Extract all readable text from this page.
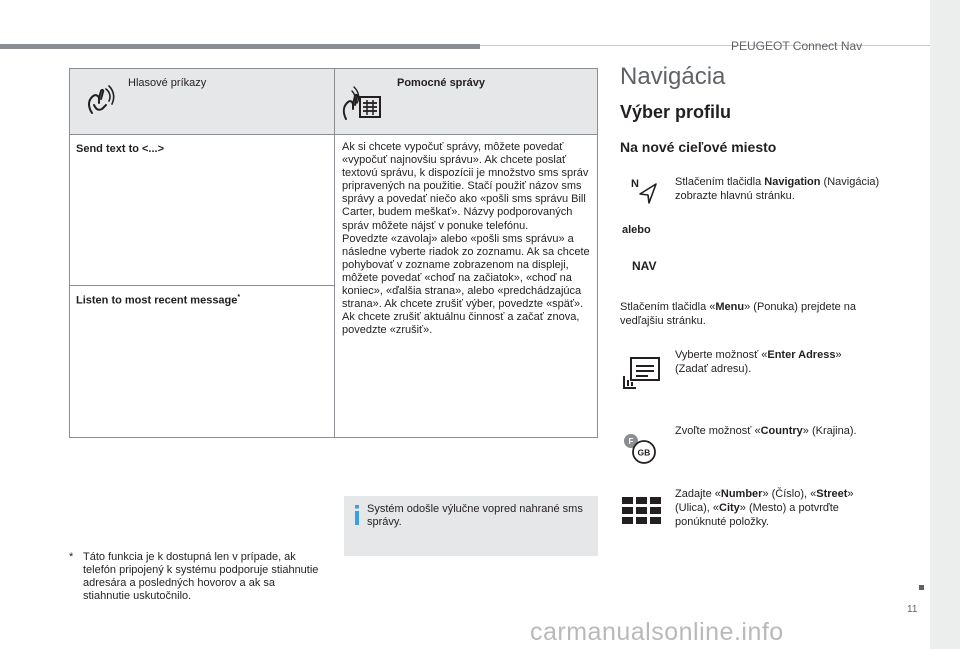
PEUGEOT Connect Nav
11
Hlasové príkazy	Pomocné správy
Send text to <...>
Listen to most recent message*
Ak si chcete vypočuť správy, môžete povedať «vypočuť najnovšiu správu». Ak chcete poslať textovú správu, k dispozícii je množstvo sms správ pripravených na použitie. Stačí použiť názov sms správy a povedať niečo ako «pošli sms správu Bill Carter, budem meškať». Názvy podporovaných správ môžete nájsť v ponuke telefónu.
Povedzte «zavolaj» alebo «pošli sms správu» a následne vyberte riadok zo zoznamu. Ak sa chcete pohybovať v zozname zobrazenom na displeji, môžete povedať «choď na začiatok», «choď na koniec», «ďalšia strana», alebo «predchádzajúca strana». Ak chcete zrušiť výber, povedzte «späť». Ak chcete zrušiť aktuálnu činnosť a začať znova, povedzte «zrušiť».
Systém odošle výlučne vopred nahrané sms správy.
* Táto funkcia je k dostupná len v prípade, ak telefón pripojený k systému podporuje stiahnutie adresára a posledných hovorov a ak sa stiahnutie uskutočnilo.
Navigácia
Výber profilu
Na nové cieľové miesto
N	Stlačením tlačidla Navigation (Navigácia) zobrazte hlavnú stránku.
alebo
NAV
Stlačením tlačidla «Menu» (Ponuka) prejdete na vedľajšiu stránku.
Vyberte možnosť «Enter Adress» (Zadať adresu).
F
GB
Zvoľte možnosť «Country» (Krajina).
Zadajte «Number» (Číslo), «Street» (Ulica), «City» (Mesto) a potvrďte ponúknuté položky.
carmanualsonline.info
